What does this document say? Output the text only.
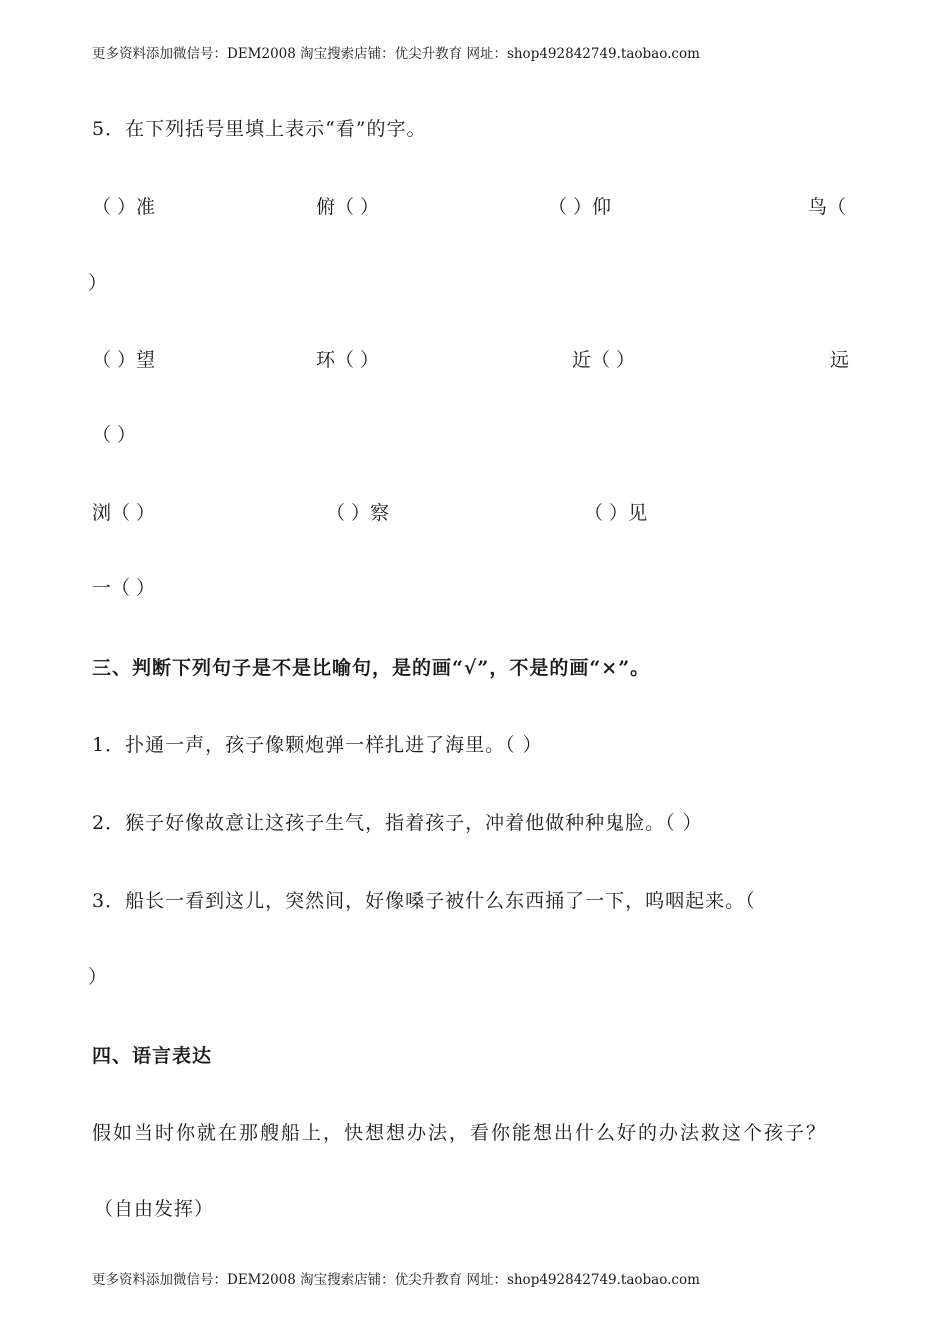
更多资料添加微信号：DEM2008 淘宝搜索店铺：优尖升教育 网址：shop492842749.taobao.com
5．在下列括号里填上表示“看”的字。
（ ）准	俯（ ）	（ ）仰	鸟（
）
（ ）望	环（ ）	近（ ）	远
（ ）
浏（ ）	（ ）察	（ ）见
一（ ）
三、判断下列句子是不是比喻句，是的画“√”，不是的画“×”。
1．扑通一声，孩子像颗炮弹一样扎进了海里。（ ）
2．猴子好像故意让这孩子生气，指着孩子，冲着他做种种鬼脸。（ ）
3．船长一看到这儿，突然间，好像嗓子被什么东西捅了一下，呜咽起来。（
）
四、语言表达
假如当时你就在那艘船上，快想想办法，看你能想出什么好的办法救这个孩子？
（自由发挥）
更多资料添加微信号：DEM2008 淘宝搜索店铺：优尖升教育 网址：shop492842749.taobao.com
